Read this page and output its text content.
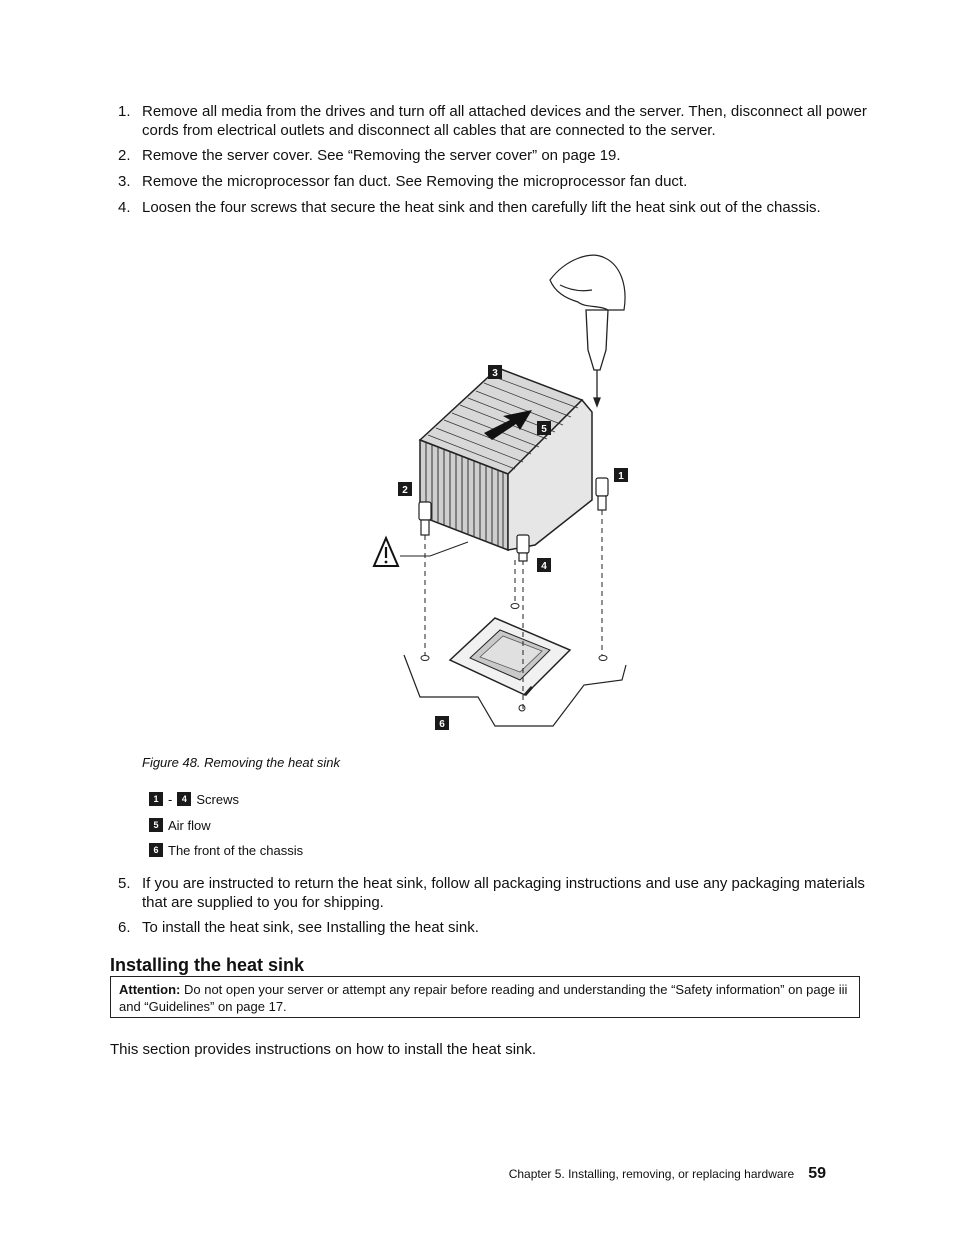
1. Remove all media from the drives and turn off all attached devices and the server. Then, disconnect all power cords from electrical outlets and disconnect all cables that are connected to the server.
2. Remove the server cover. See “Removing the server cover” on page 19.
3. Remove the microprocessor fan duct. See Removing the microprocessor fan duct.
4. Loosen the four screws that secure the heat sink and then carefully lift the heat sink out of the chassis.
3
5
1
2
4
6
Figure 48. Removing the heat sink
1 -	4 Screws
5 Air flow
6 The front of the chassis
5. If you are instructed to return the heat sink, follow all packaging instructions and use any packaging materials that are supplied to you for shipping.
6. To install the heat sink, see Installing the heat sink.
Installing the heat sink
Attention: Do not open your server or attempt any repair before reading and understanding the “Safety information” on page iii and “Guidelines” on page 17.
This section provides instructions on how to install the heat sink.
Chapter 5. Installing, removing, or replacing hardware 59
